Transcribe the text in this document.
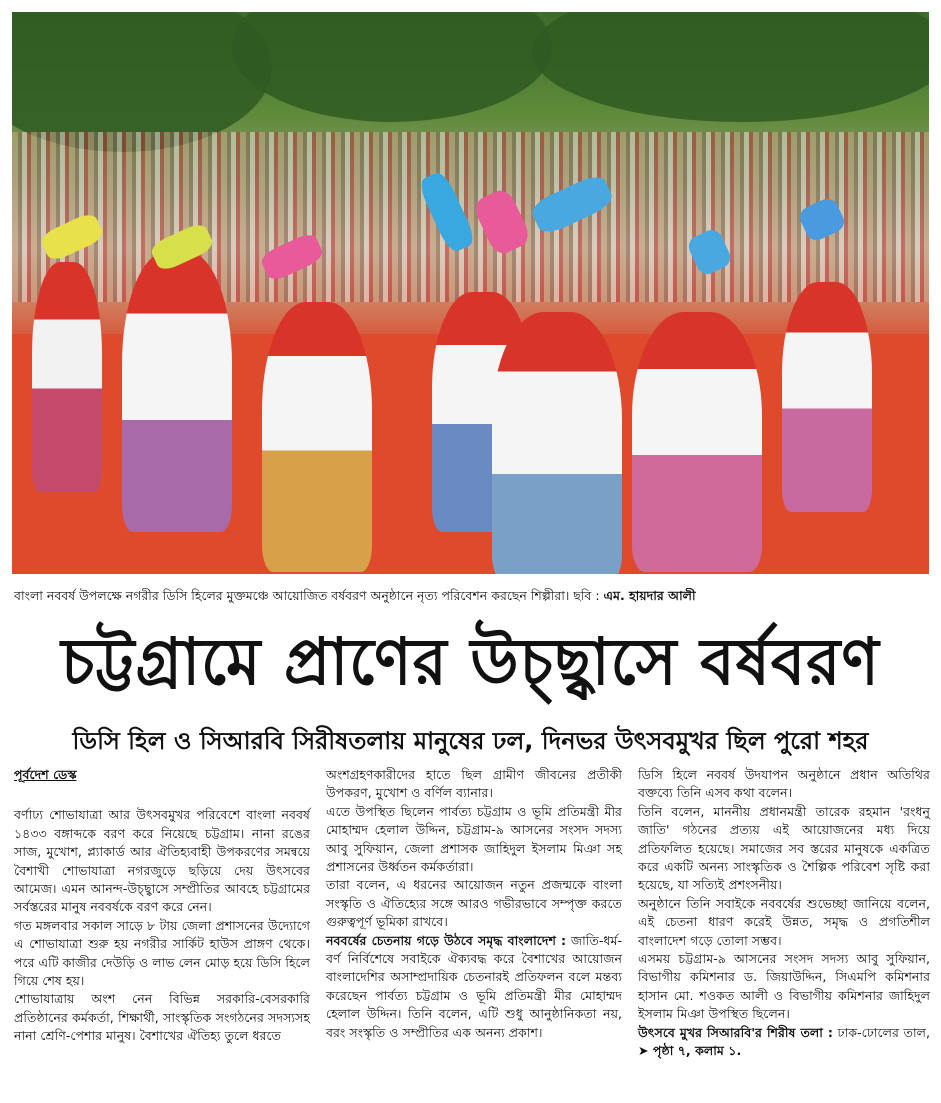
বাংলা নববর্ষ উপলক্ষে নগরীর ডিসি হিলের মুক্তমঞ্চে আয়োজিত বর্ষবরণ অনুষ্ঠানে নৃত্য পরিবেশন করছেন শিল্পীরা। ছবি : এম. হায়দার আলী
চট্টগ্রামে প্রাণের উচ্ছ্বাসে বর্ষবরণ
ডিসি হিল ও সিআরবি সিরীষতলায় মানুষের ঢল, দিনভর উৎসবমুখর ছিল পুরো শহর

পূর্বদেশ ডেস্ক

বর্ণাঢ্য শোভাযাত্রা আর উৎসবমুখর পরিবেশে বাংলা নববর্ষ ১৪৩৩ বঙ্গাব্দকে বরণ করে নিয়েছে চট্টগ্রাম। নানা রঙের সাজ, মুখোশ, প্ল্যাকার্ড আর ঐতিহ্যবাহী উপকরণের সমন্বয়ে বৈশাখী শোভাযাত্রা নগরজুড়ে ছড়িয়ে দেয় উৎসবের আমেজ। এমন আনন্দ-উচ্ছ্বাসে সম্প্রীতির আবহে চট্টগ্রামের সর্বস্তরের মানুষ নববর্ষকে বরণ করে নেন।

গত মঙ্গলবার সকাল সাড়ে ৮ টায় জেলা প্রশাসনের উদ্যোগে এ শোভাযাত্রা শুরু হয় নগরীর সার্কিট হাউস প্রাঙ্গণ থেকে। পরে এটি কাজীর দেউড়ি ও লাভ লেন মোড় হয়ে ডিসি হিলে গিয়ে শেষ হয়।

শোভাযাত্রায় অংশ নেন বিভিন্ন সরকারি-বেসরকারি প্রতিষ্ঠানের কর্মকর্তা, শিক্ষার্থী, সাংস্কৃতিক সংগঠনের সদস্যসহ নানা শ্রেণি-পেশার মানুষ। বৈশাখের ঐতিহ্য তুলে ধরতে

অংশগ্রহণকারীদের হাতে ছিল গ্রামীণ জীবনের প্রতীকী উপকরণ, মুখোশ ও বর্ণিল ব্যানার।

এতে উপস্থিত ছিলেন পার্বত্য চট্টগ্রাম ও ভূমি প্রতিমন্ত্রী মীর মোহাম্মদ হেলাল উদ্দিন, চট্টগ্রাম-৯ আসনের সংসদ সদস্য আবু সুফিয়ান, জেলা প্রশাসক জাহিদুল ইসলাম মিঞা সহ প্রশাসনের উর্ধ্বতন কর্মকর্তারা।

তারা বলেন, এ ধরনের আয়োজন নতুন প্রজন্মকে বাংলা সংস্কৃতি ও ঐতিহ্যের সঙ্গে আরও গভীরভাবে সম্পৃক্ত করতে গুরুত্বপূর্ণ ভূমিকা রাখবে।

নববর্ষের চেতনায় গড়ে উঠবে সমৃদ্ধ বাংলাদেশ : জাতি-ধর্ম-বর্ণ নির্বিশেষে সবাইকে ঐক্যবদ্ধ করে বৈশাখের আয়োজন বাংলাদেশির অসাম্প্রদায়িক চেতনারই প্রতিফলন বলে মন্তব্য করেছেন পার্বত্য চট্টগ্রাম ও ভূমি প্রতিমন্ত্রী মীর মোহাম্মদ হেলাল উদ্দিন। তিনি বলেন, এটি শুধু আনুষ্ঠানিকতা নয়, বরং সংস্কৃতি ও সম্প্রীতির এক অনন্য প্রকাশ।

ডিসি হিলে নববর্ষ উদযাপন অনুষ্ঠানে প্রধান অতিথির বক্তব্যে তিনি এসব কথা বলেন।

তিনি বলেন, মাননীয় প্রধানমন্ত্রী তারেক রহমান 'রংধনু জাতি' গঠনের প্রত্যয় এই আয়োজনের মধ্য দিয়ে প্রতিফলিত হয়েছে। সমাজের সব স্তরের মানুষকে একত্রিত করে একটি অনন্য সাংস্কৃতিক ও শৈল্পিক পরিবেশ সৃষ্টি করা হয়েছে, যা সত্যিই প্রশংসনীয়।

অনুষ্ঠানে তিনি সবাইকে নববর্ষের শুভেচ্ছা জানিয়ে বলেন, এই চেতনা ধারণ করেই উন্নত, সমৃদ্ধ ও প্রগতিশীল বাংলাদেশ গড়ে তোলা সম্ভব।

এসময় চট্টগ্রাম-৯ আসনের সংসদ সদস্য আবু সুফিয়ান, বিভাগীয় কমিশনার ড. জিয়াউদ্দিন, সিএমপি কমিশনার হাসান মো. শওকত আলী ও বিভাগীয় কমিশনার জাহিদুল ইসলাম মিঞা উপস্থিত ছিলেন।

উৎসবে মুখর সিআরবি'র শিরীষ তলা : ঢাক-ঢোলের তাল, ➤ পৃষ্ঠা ৭, কলাম ১.
